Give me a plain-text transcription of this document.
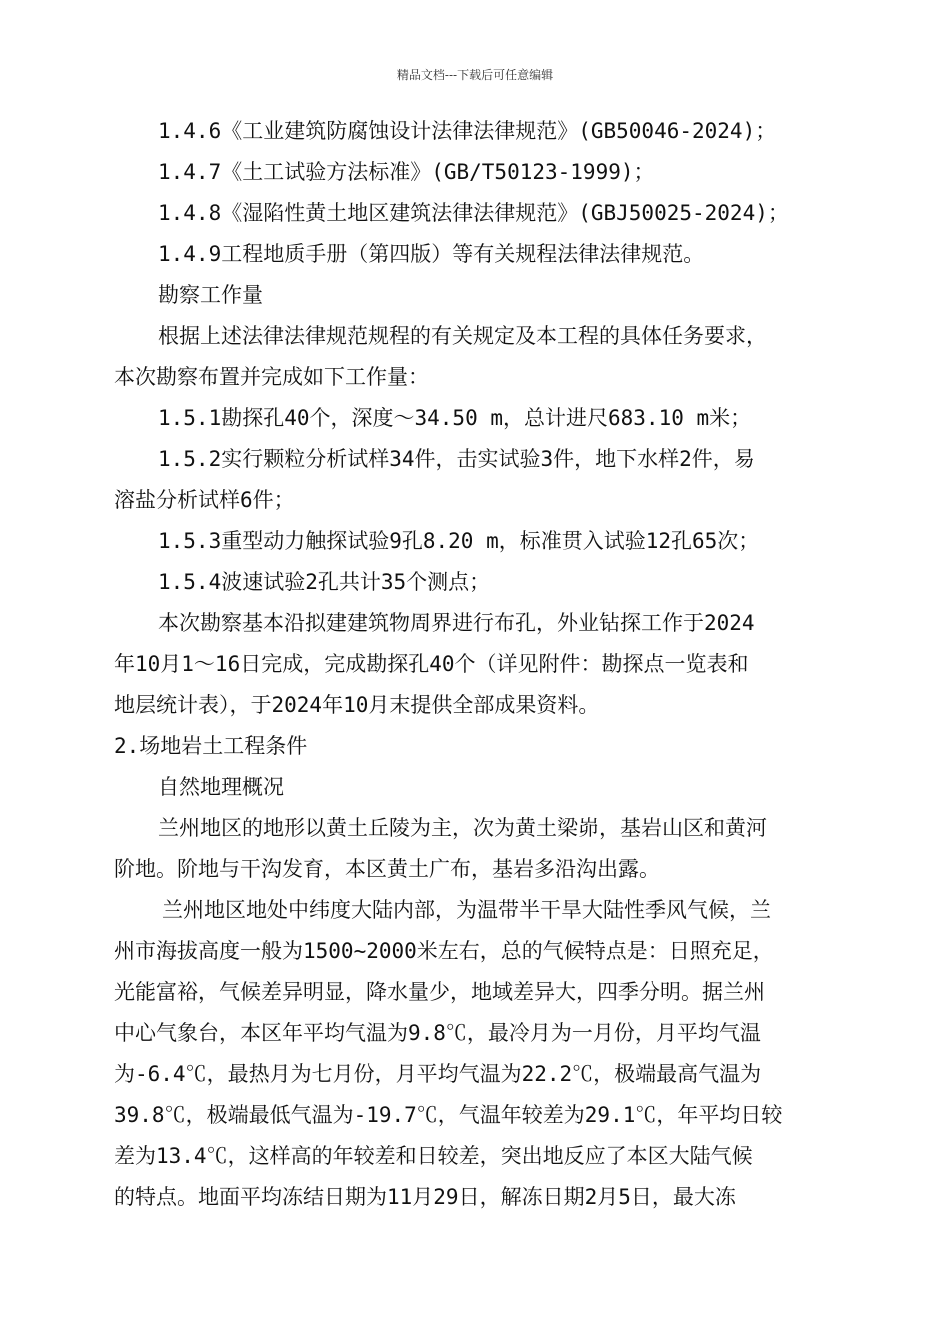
精品文档---下载后可任意编辑
1.4.6《工业建筑防腐蚀设计法律法律规范》(GB50046-2024)；
1.4.7《土工试验方法标准》(GB/T50123-1999)；
1.4.8《湿陷性黄土地区建筑法律法律规范》(GBJ50025-2024)；
1.4.9工程地质手册（第四版）等有关规程法律法律规范。
勘察工作量
根据上述法律法律规范规程的有关规定及本工程的具体任务要求，
本次勘察布置并完成如下工作量：
1.5.1勘探孔40个，深度～34.50 m，总计进尺683.10 m米；
1.5.2实行颗粒分析试样34件，击实试验3件，地下水样2件，易
溶盐分析试样6件；
1.5.3重型动力触探试验9孔8.20 m，标准贯入试验12孔65次；
1.5.4波速试验2孔共计35个测点；
本次勘察基本沿拟建建筑物周界进行布孔，外业钻探工作于2024
年10月1～16日完成，完成勘探孔40个（详见附件：勘探点一览表和
地层统计表），于2024年10月末提供全部成果资料。
2.场地岩土工程条件
自然地理概况
兰州地区的地形以黄土丘陵为主，次为黄土梁峁，基岩山区和黄河
阶地。阶地与干沟发育，本区黄土广布，基岩多沿沟出露。
兰州地区地处中纬度大陆内部，为温带半干旱大陆性季风气候，兰
州市海拔高度一般为1500~2000米左右，总的气候特点是：日照充足，
光能富裕，气候差异明显，降水量少，地域差异大，四季分明。据兰州
中心气象台，本区年平均气温为9.8℃，最冷月为一月份，月平均气温
为-6.4℃，最热月为七月份，月平均气温为22.2℃，极端最高气温为
39.8℃，极端最低气温为-19.7℃，气温年较差为29.1℃，年平均日较
差为13.4℃，这样高的年较差和日较差，突出地反应了本区大陆气候
的特点。地面平均冻结日期为11月29日，解冻日期2月5日，最大冻
